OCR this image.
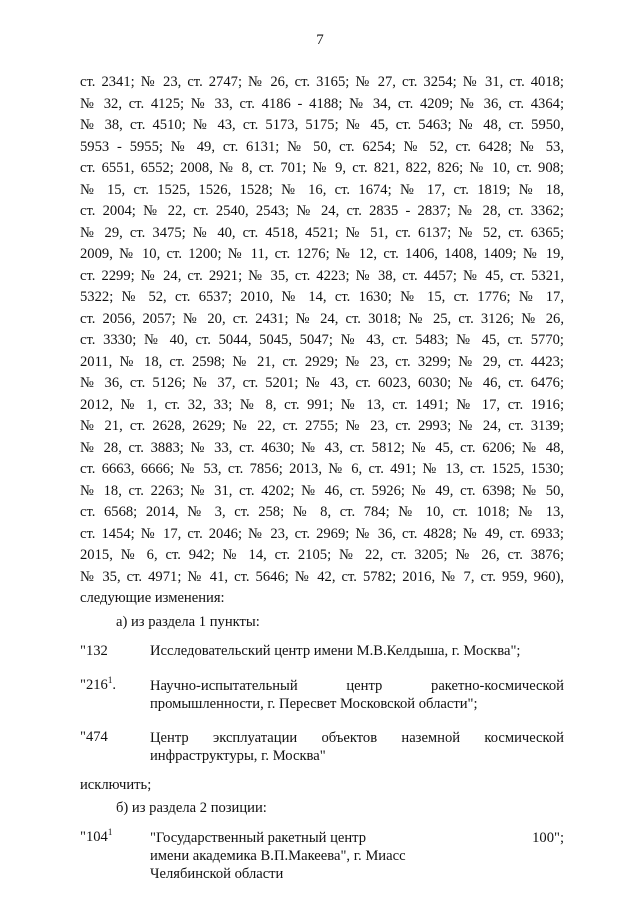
7
ст. 2341; № 23, ст. 2747; № 26, ст. 3165; № 27, ст. 3254; № 31, ст. 4018;
№ 32, ст. 4125; № 33, ст. 4186 - 4188; № 34, ст. 4209; № 36, ст. 4364;
№ 38, ст. 4510; № 43, ст. 5173, 5175; № 45, ст. 5463; № 48, ст. 5950,
5953 - 5955; № 49, ст. 6131; № 50, ст. 6254; № 52, ст. 6428; № 53,
ст. 6551, 6552; 2008, № 8, ст. 701; № 9, ст. 821, 822, 826; № 10, ст. 908;
№ 15, ст. 1525, 1526, 1528; № 16, ст. 1674; № 17, ст. 1819; № 18,
ст. 2004; № 22, ст. 2540, 2543; № 24, ст. 2835 - 2837; № 28, ст. 3362;
№ 29, ст. 3475; № 40, ст. 4518, 4521; № 51, ст. 6137; № 52, ст. 6365;
2009, № 10, ст. 1200; № 11, ст. 1276; № 12, ст. 1406, 1408, 1409; № 19,
ст. 2299; № 24, ст. 2921; № 35, ст. 4223; № 38, ст. 4457; № 45, ст. 5321,
5322; № 52, ст. 6537; 2010, № 14, ст. 1630; № 15, ст. 1776; № 17,
ст. 2056, 2057; № 20, ст. 2431; № 24, ст. 3018; № 25, ст. 3126; № 26,
ст. 3330; № 40, ст. 5044, 5045, 5047; № 43, ст. 5483; № 45, ст. 5770;
2011, № 18, ст. 2598; № 21, ст. 2929; № 23, ст. 3299; № 29, ст. 4423;
№ 36, ст. 5126; № 37, ст. 5201; № 43, ст. 6023, 6030; № 46, ст. 6476;
2012, № 1, ст. 32, 33; № 8, ст. 991; № 13, ст. 1491; № 17, ст. 1916;
№ 21, ст. 2628, 2629; № 22, ст. 2755; № 23, ст. 2993; № 24, ст. 3139;
№ 28, ст. 3883; № 33, ст. 4630; № 43, ст. 5812; № 45, ст. 6206; № 48,
ст. 6663, 6666; № 53, ст. 7856; 2013, № 6, ст. 491; № 13, ст. 1525, 1530;
№ 18, ст. 2263; № 31, ст. 4202; № 46, ст. 5926; № 49, ст. 6398; № 50,
ст. 6568; 2014, № 3, ст. 258; № 8, ст. 784; № 10, ст. 1018; № 13,
ст. 1454; № 17, ст. 2046; № 23, ст. 2969; № 36, ст. 4828; № 49, ст. 6933;
2015, № 6, ст. 942; № 14, ст. 2105; № 22, ст. 3205; № 26, ст. 3876;
№ 35, ст. 4971; № 41, ст. 5646; № 42, ст. 5782; 2016, № 7, ст. 959, 960),
следующие изменения:
а) из раздела 1 пункты:
"132	Исследовательский центр имени М.В.Келдыша, г. Москва";
"$216^1$. Научно-испытательный центр ракетно-космической
промышленности, г. Пересвет Московской области";
"474	Центр эксплуатации объектов наземной космической
инфраструктуры, г. Москва"
исключить;
б) из раздела 2 позиции:
"$104^1$	"Государственный ракетный центр
имени академика В.П.Макеева", г. Миасс
Челябинской области
100";
